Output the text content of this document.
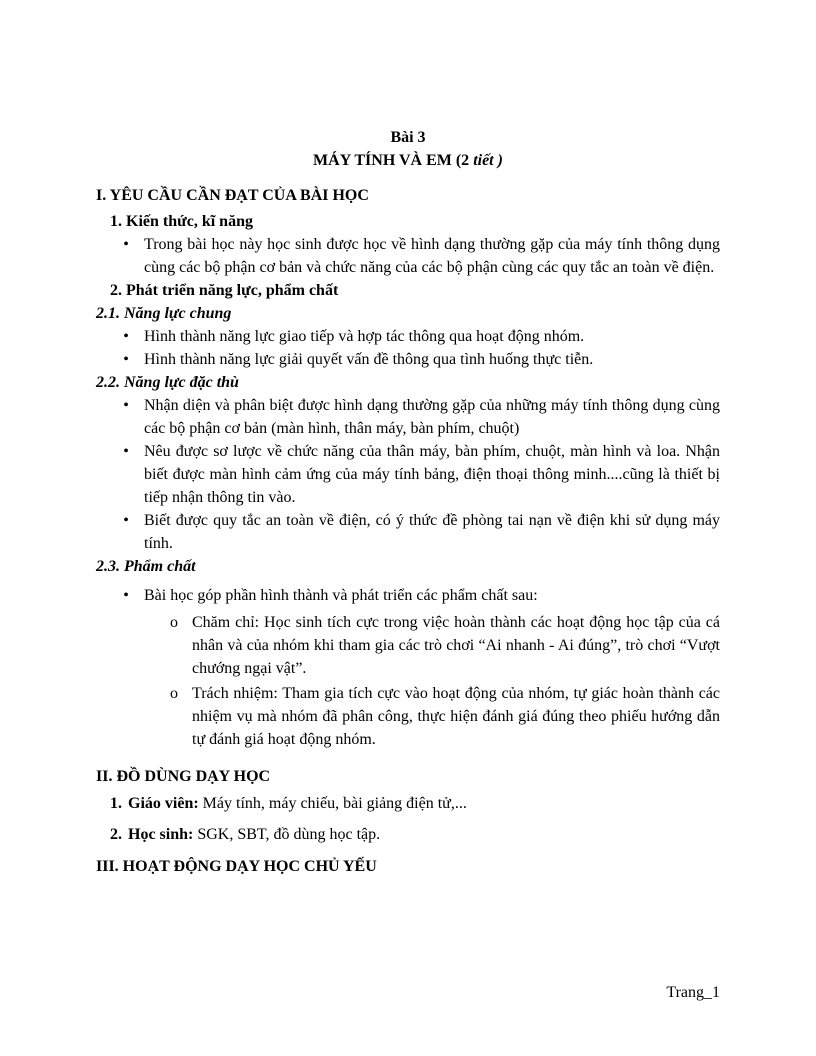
Bài 3
MÁY TÍNH VÀ EM (2 tiết )
I. YÊU CẦU CẦN ĐẠT CỦA BÀI HỌC
1. Kiến thức, kĩ năng
• Trong bài học này học sinh được học về hình dạng thường gặp của máy tính thông dụng cùng các bộ phận cơ bản và chức năng của các bộ phận cùng các quy tắc an toàn về điện.
2. Phát triển năng lực, phẩm chất
2.1. Năng lực chung
• Hình thành năng lực giao tiếp và hợp tác thông qua hoạt động nhóm.
• Hình thành năng lực giải quyết vấn đề thông qua tình huống thực tiễn.
2.2. Năng lực đặc thù
• Nhận diện và phân biệt được hình dạng thường gặp của những máy tính thông dụng cùng các bộ phận cơ bản (màn hình, thân máy, bàn phím, chuột)
• Nêu được sơ lược về chức năng của thân máy, bàn phím, chuột, màn hình và loa. Nhận biết được màn hình cảm ứng của máy tính bảng, điện thoại thông minh....cũng là thiết bị tiếp nhận thông tin vào.
• Biết được quy tắc an toàn về điện, có ý thức đề phòng tai nạn về điện khi sử dụng máy tính.
2.3. Phẩm chất
• Bài học góp phần hình thành và phát triển các phẩm chất sau:
o Chăm chỉ: Học sinh tích cực trong việc hoàn thành các hoạt động học tập của cá nhân và của nhóm khi tham gia các trò chơi “Ai nhanh - Ai đúng”, trò chơi “Vượt chướng ngại vật”.
o Trách nhiệm: Tham gia tích cực vào hoạt động của nhóm, tự giác hoàn thành các nhiệm vụ mà nhóm đã phân công, thực hiện đánh giá đúng theo phiếu hướng dẫn tự đánh giá hoạt động nhóm.
II. ĐỒ DÙNG DẠY HỌC
1. Giáo viên: Máy tính, máy chiếu, bài giảng điện tử,...
2. Học sinh: SGK, SBT, đồ dùng học tập.
III. HOẠT ĐỘNG DẠY HỌC CHỦ YẾU
Trang_1
